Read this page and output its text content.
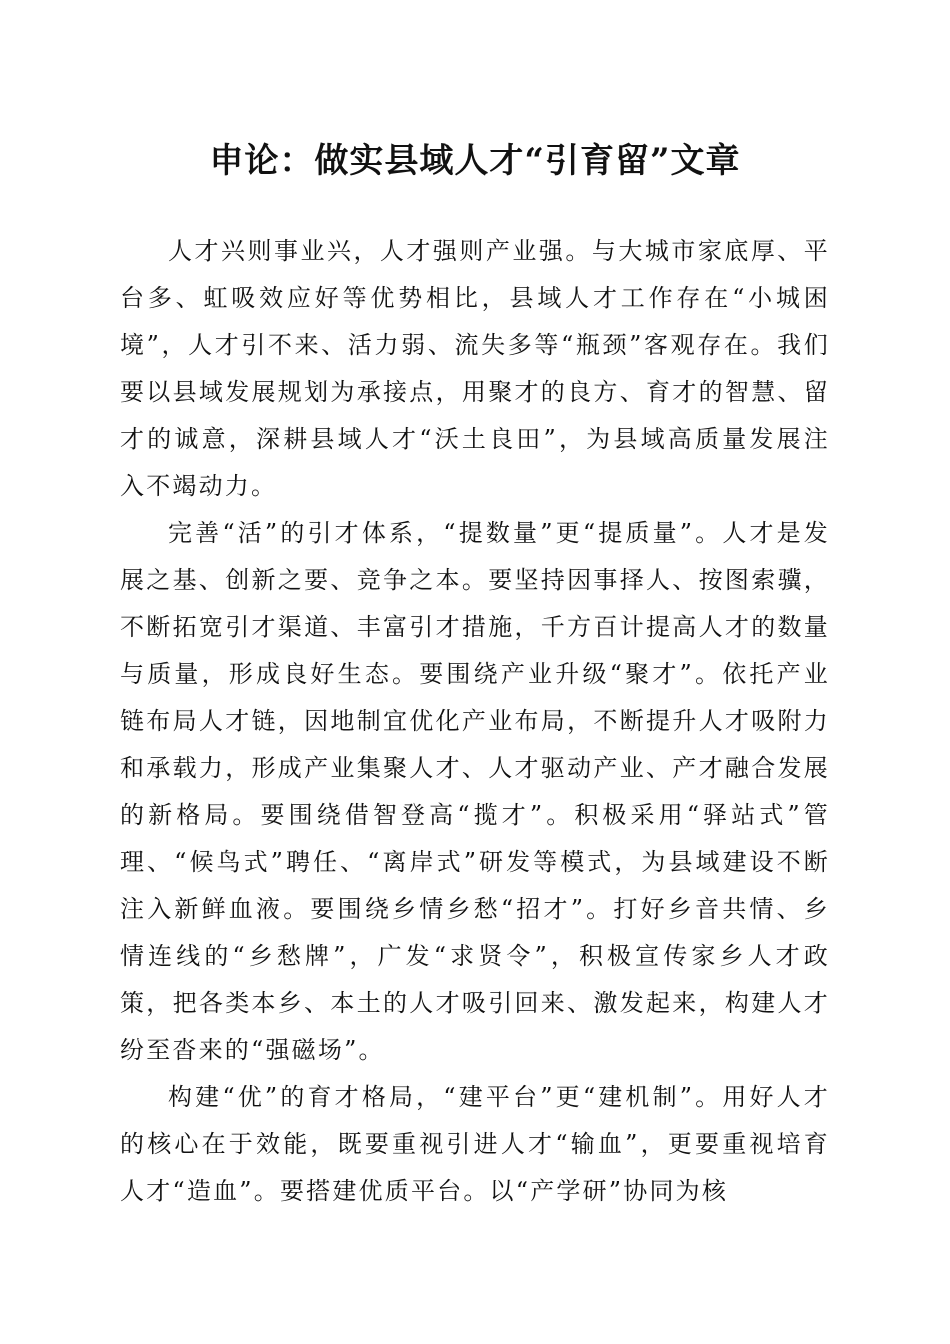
申论：做实县域人才“引育留”文章

人才兴则事业兴，人才强则产业强。与大城市家底厚、平台多、虹吸效应好等优势相比，县域人才工作存在“小城困境”，人才引不来、活力弱、流失多等“瓶颈”客观存在。我们要以县域发展规划为承接点，用聚才的良方、育才的智慧、留才的诚意，深耕县域人才“沃土良田”，为县域高质量发展注入不竭动力。

完善“活”的引才体系，“提数量”更“提质量”。人才是发展之基、创新之要、竞争之本。要坚持因事择人、按图索骥，不断拓宽引才渠道、丰富引才措施，千方百计提高人才的数量与质量，形成良好生态。要围绕产业升级“聚才”。依托产业链布局人才链，因地制宜优化产业布局，不断提升人才吸附力和承载力，形成产业集聚人才、人才驱动产业、产才融合发展的新格局。要围绕借智登高“揽才”。积极采用“驿站式”管理、“候鸟式”聘任、“离岸式”研发等模式，为县域建设不断注入新鲜血液。要围绕乡情乡愁“招才”。打好乡音共情、乡情连线的“乡愁牌”，广发“求贤令”，积极宣传家乡人才政策，把各类本乡、本土的人才吸引回来、激发起来，构建人才纷至沓来的“强磁场”。

构建“优”的育才格局，“建平台”更“建机制”。用好人才的核心在于效能，既要重视引进人才“输血”，更要重视培育人才“造血”。要搭建优质平台。以“产学研”协同为核
